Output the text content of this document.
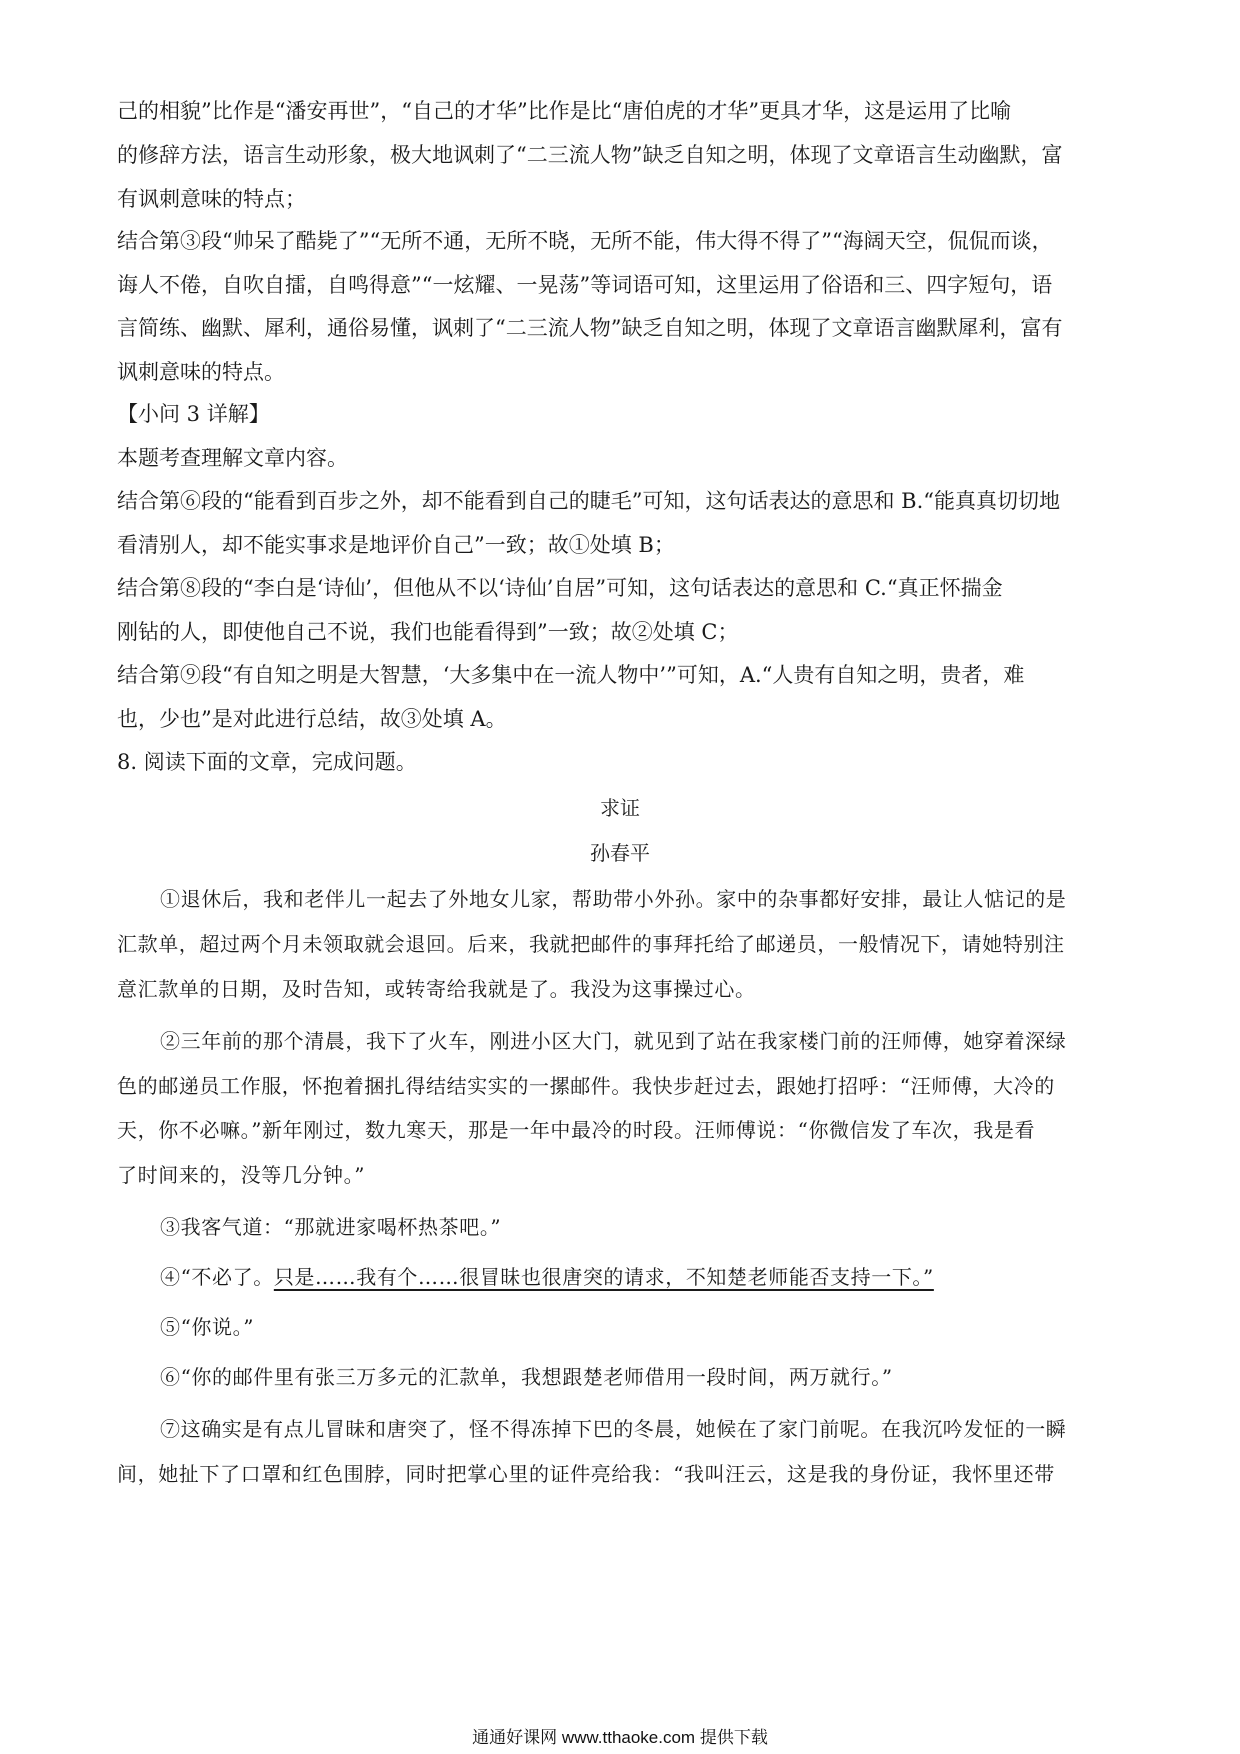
己的相貌”比作是“潘安再世”，“自己的才华”比作是比“唐伯虎的才华”更具才华，这是运用了比喻
的修辞方法，语言生动形象，极大地讽刺了“二三流人物”缺乏自知之明，体现了文章语言生动幽默，富
有讽刺意味的特点；
结合第③段“帅呆了酷毙了”“无所不通，无所不晓，无所不能，伟大得不得了”“海阔天空，侃侃而谈，
诲人不倦，自吹自擂，自鸣得意”“一炫耀、一晃荡”等词语可知，这里运用了俗语和三、四字短句，语
言简练、幽默、犀利，通俗易懂，讽刺了“二三流人物”缺乏自知之明，体现了文章语言幽默犀利，富有
讽刺意味的特点。
【小问 3 详解】
本题考查理解文章内容。
结合第⑥段的“能看到百步之外，却不能看到自己的睫毛”可知，这句话表达的意思和 B.“能真真切切地
看清别人，却不能实事求是地评价自己”一致；故①处填 B；
结合第⑧段的“李白是‘诗仙’，但他从不以‘诗仙’自居”可知，这句话表达的意思和 C.“真正怀揣金
刚钻的人，即使他自己不说，我们也能看得到”一致；故②处填 C；
结合第⑨段“有自知之明是大智慧，‘大多集中在一流人物中’”可知，A.“人贵有自知之明，贵者，难
也，少也”是对此进行总结，故③处填 A。
8. 阅读下面的文章，完成问题。
求证
孙春平
①退休后，我和老伴儿一起去了外地女儿家，帮助带小外孙。家中的杂事都好安排，最让人惦记的是
汇款单，超过两个月未领取就会退回。后来，我就把邮件的事拜托给了邮递员，一般情况下，请她特别注
意汇款单的日期，及时告知，或转寄给我就是了。我没为这事操过心。
②三年前的那个清晨，我下了火车，刚进小区大门，就见到了站在我家楼门前的汪师傅，她穿着深绿
色的邮递员工作服，怀抱着捆扎得结结实实的一摞邮件。我快步赶过去，跟她打招呼：“汪师傅，大冷的
天，你不必嘛。”新年刚过，数九寒天，那是一年中最冷的时段。汪师傅说：“你微信发了车次，我是看
了时间来的，没等几分钟。”
③我客气道：“那就进家喝杯热茶吧。”
④“不必了。只是……我有个……很冒昧也很唐突的请求，不知楚老师能否支持一下。”
⑤“你说。”
⑥“你的邮件里有张三万多元的汇款单，我想跟楚老师借用一段时间，两万就行。”
⑦这确实是有点儿冒昧和唐突了，怪不得冻掉下巴的冬晨，她候在了家门前呢。在我沉吟发怔的一瞬
间，她扯下了口罩和红色围脖，同时把掌心里的证件亮给我：“我叫汪云，这是我的身份证，我怀里还带
通通好课网 www.tthaoke.com 提供下载
